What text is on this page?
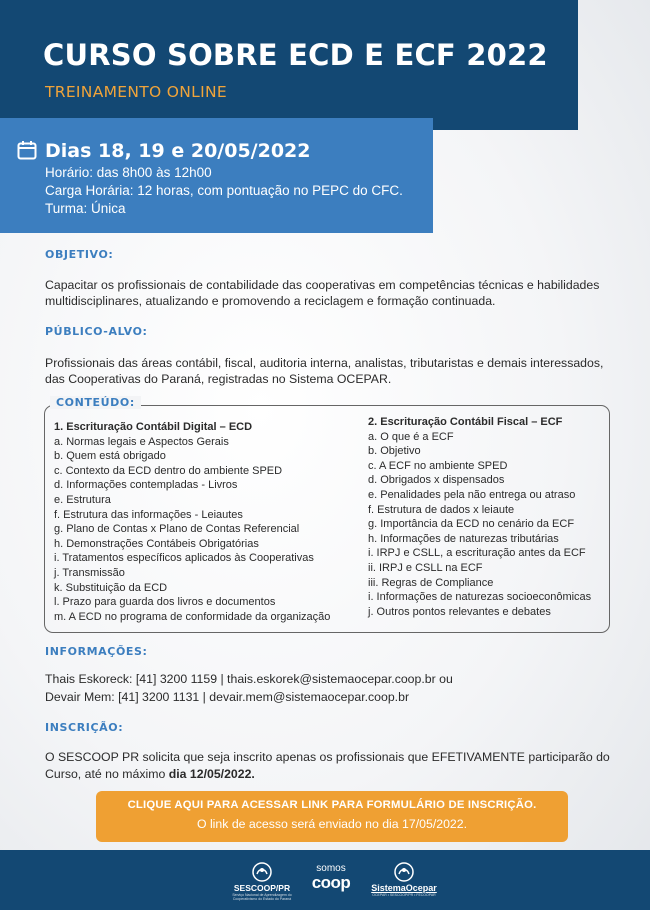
CURSO SOBRE ECD E ECF 2022
TREINAMENTO ONLINE
Dias 18, 19 e 20/05/2022
Horário: das 8h00 às 12h00
Carga Horária: 12 horas, com pontuação no PEPC do CFC.
Turma: Única
OBJETIVO:
Capacitar os profissionais de contabilidade das cooperativas em competências técnicas e habilidades multidisciplinares, atualizando e promovendo a reciclagem e formação continuada.
PÚBLICO-ALVO:
Profissionais das áreas contábil, fiscal, auditoria interna, analistas, tributaristas e demais interessados, das Cooperativas do Paraná, registradas no Sistema OCEPAR.
CONTEÚDO:
1. Escrituração Contábil Digital – ECD
a. Normas legais e Aspectos Gerais
b. Quem está obrigado
c. Contexto da ECD dentro do ambiente SPED
d. Informações contempladas - Livros
e. Estrutura
f. Estrutura das informações - Leiautes
g. Plano de Contas x Plano de Contas Referencial
h. Demonstrações Contábeis Obrigatórias
i. Tratamentos específicos aplicados às Cooperativas
j. Transmissão
k. Substituição da ECD
l. Prazo para guarda dos livros e documentos
m. A ECD no programa de conformidade da organização
2. Escrituração Contábil Fiscal – ECF
a. O que é a ECF
b. Objetivo
c. A ECF no ambiente SPED
d. Obrigados x dispensados
e. Penalidades pela não entrega ou atraso
f. Estrutura de dados x leiaute
g. Importância da ECD no cenário da ECF
h. Informações de naturezas tributárias
i. IRPJ e CSLL, a escrituração antes da ECF
ii. IRPJ e CSLL na ECF
iii. Regras de Compliance
i. Informações de naturezas socioeconômicas
j. Outros pontos relevantes e debates
INFORMAÇÕES:
Thais Eskoreck: [41] 3200 1159 | thais.eskorek@sistemaocepar.coop.br ou
Devair Mem: [41] 3200 1131 | devair.mem@sistemaocepar.coop.br
INSCRIÇÃO:
O SESCOOP PR solicita que seja inscrito apenas os profissionais que EFETIVAMENTE participarão do Curso, até no máximo dia 12/05/2022.
CLIQUE AQUI PARA ACESSAR LINK PARA FORMULÁRIO DE INSCRIÇÃO.
O link de acesso será enviado no dia 17/05/2022.
SESCOOP/PR
Serviço Nacional de Aprendizagem do Cooperativismo do Estado do Paraná
somos
coop	SistemaOcepar
OCEPAR • SESCOOP/PR • FECOOPAR
